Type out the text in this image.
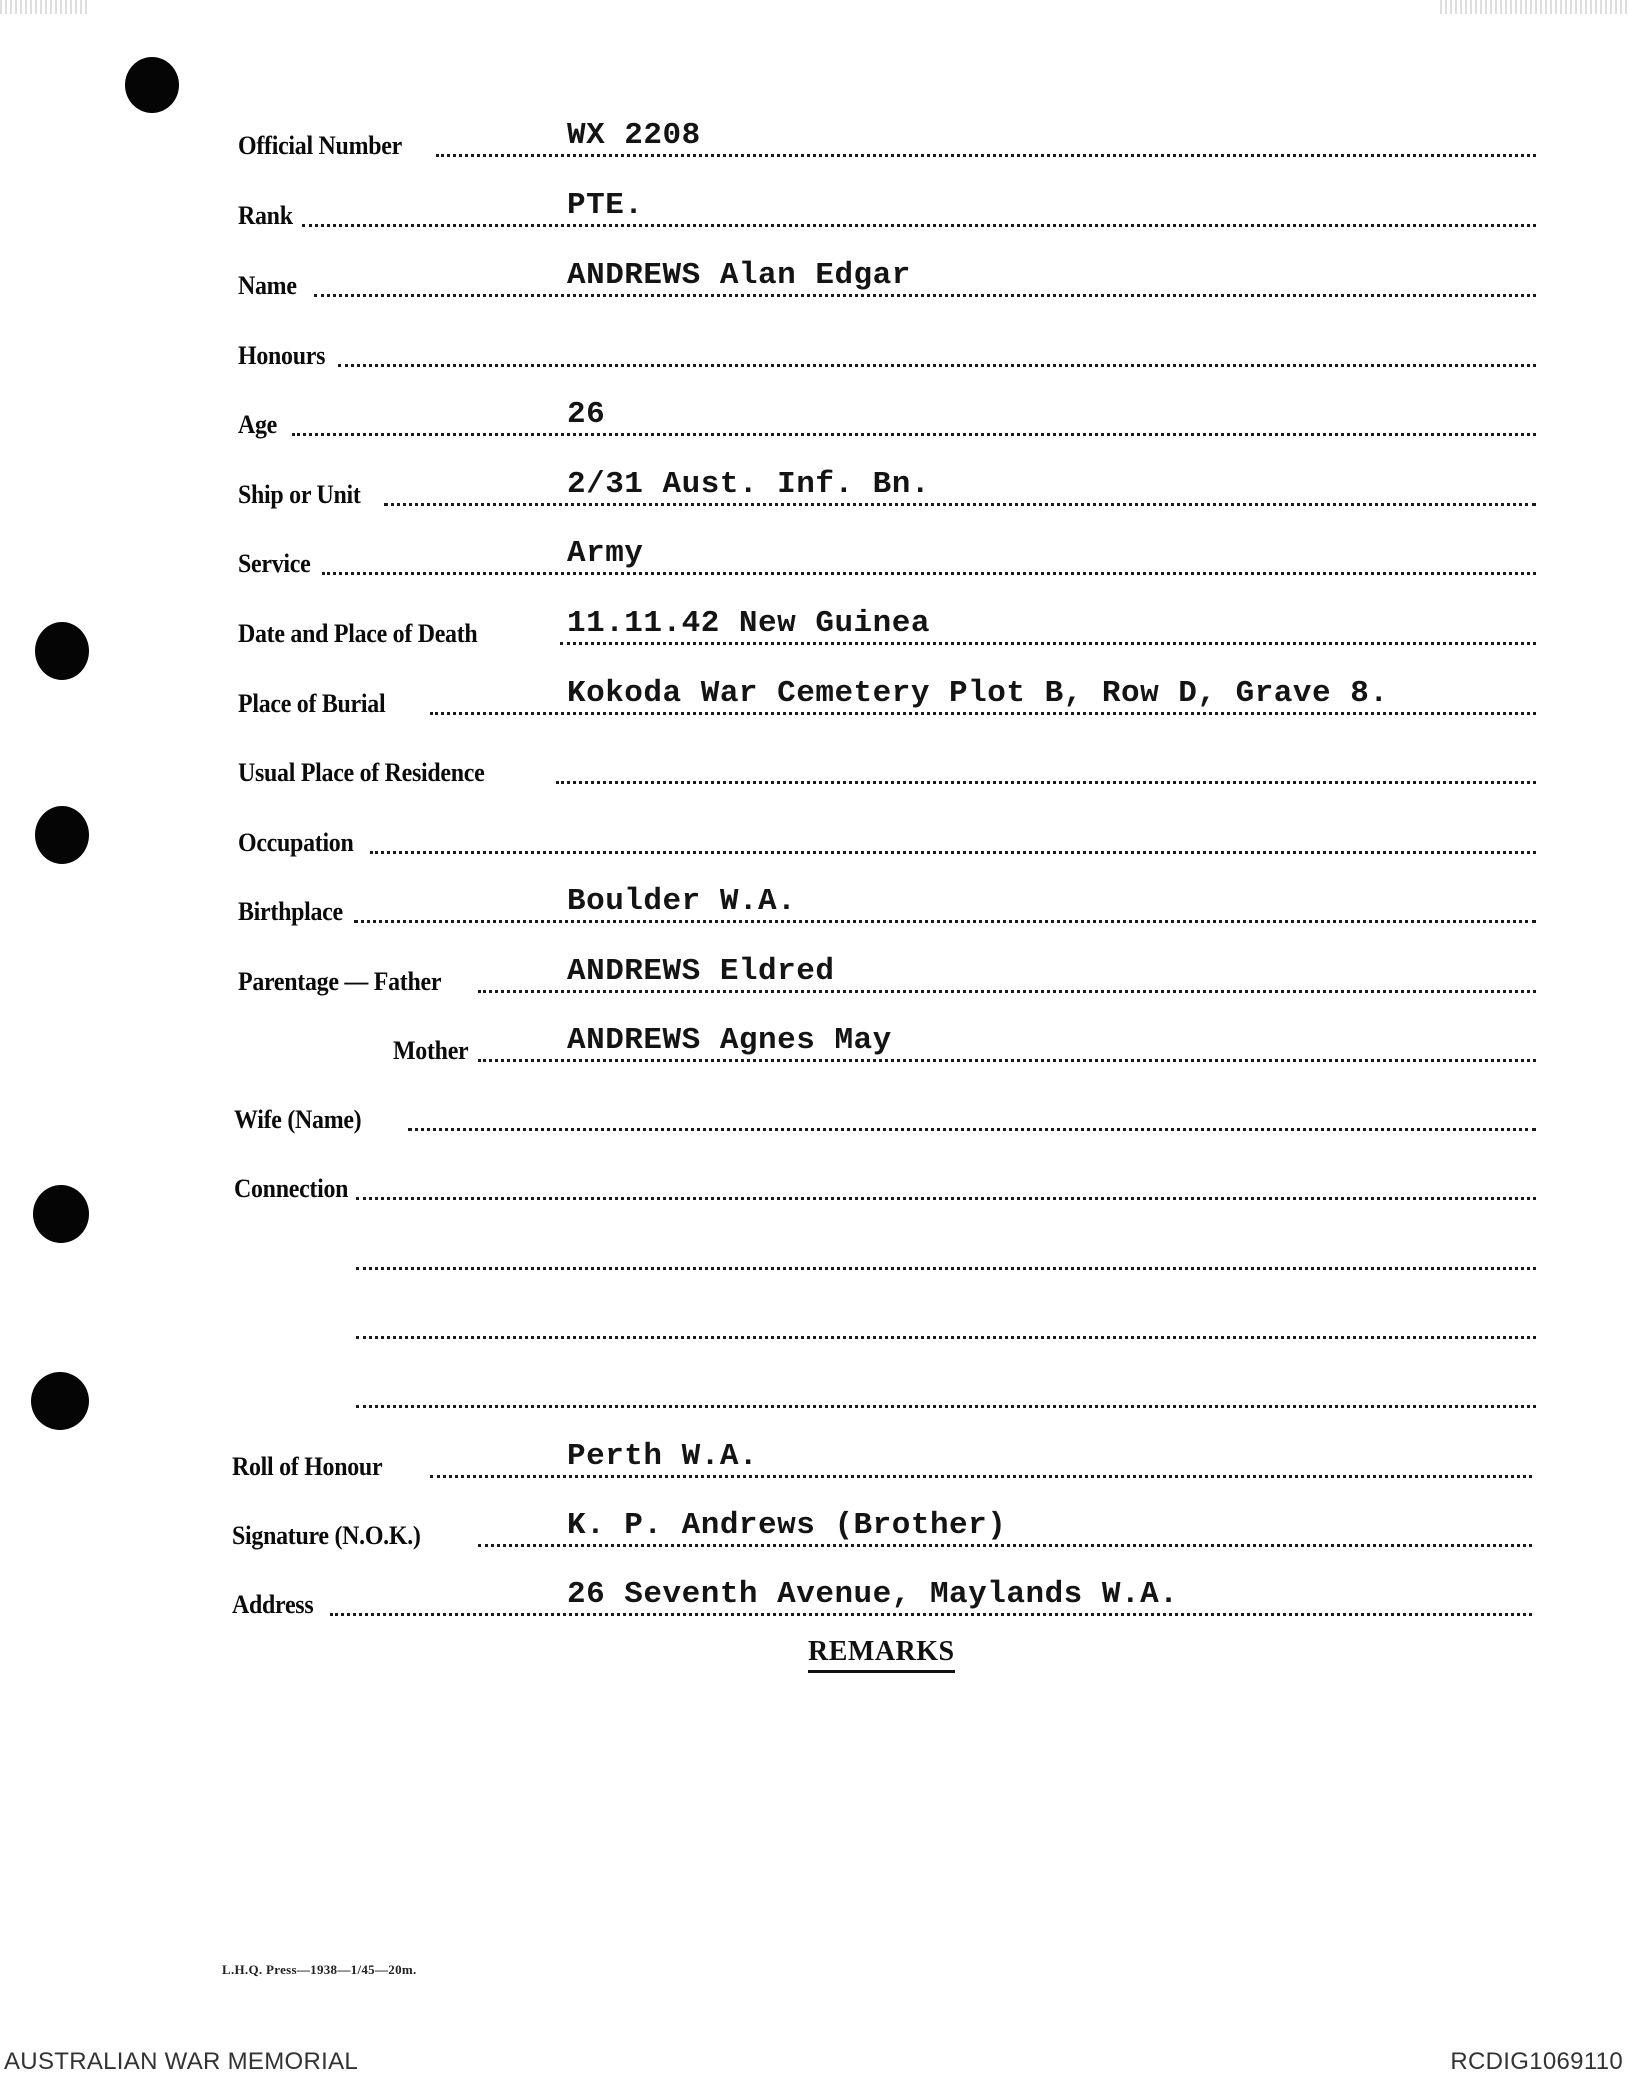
Official Number	WX 2208
Rank	PTE.
Name	ANDREWS Alan Edgar
Honours
Age	26
Ship or Unit	2/31 Aust. Inf. Bn.
Service	Army
Date and Place of Death	11.11.42 New Guinea
Place of Burial	Kokoda War Cemetery Plot B, Row D, Grave 8.
Usual Place of Residence
Occupation
Birthplace	Boulder W.A.
Parentage — Father	ANDREWS Eldred
Mother	ANDREWS Agnes May
Wife (Name)
Connection
Roll of Honour	Perth W.A.
Signature (N.O.K.)	K. P. Andrews (Brother)
Address	26 Seventh Avenue, Maylands W.A.
REMARKS
L.H.Q. Press—1938—1/45—20m.
AUSTRALIAN WAR MEMORIAL	RCDIG1069110
